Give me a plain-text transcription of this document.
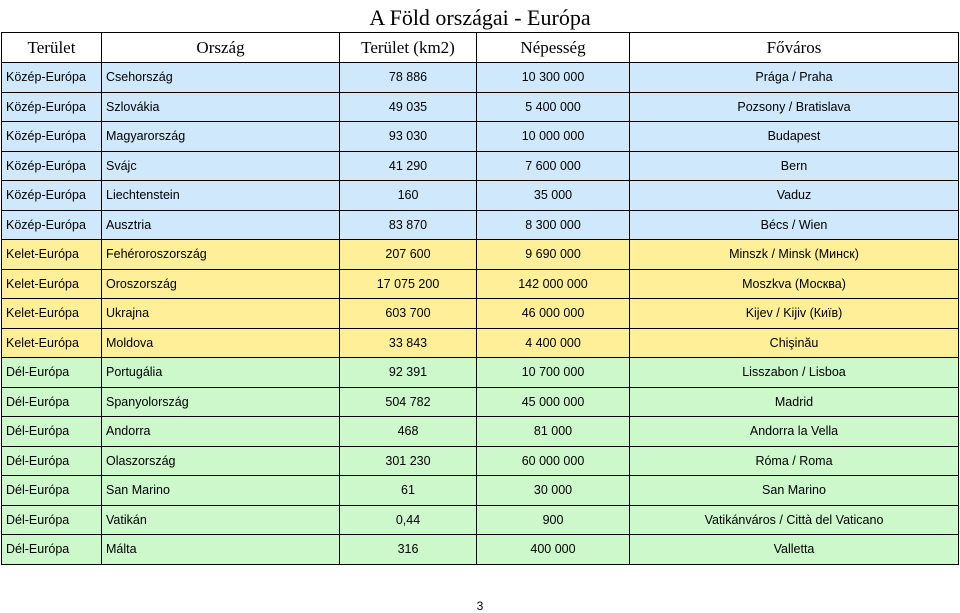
A Föld országai - Európa
Terület	Ország	Terület (km2)	Népesség	Főváros
Közép-Európa	Csehország	78 886	10 300 000	Prága / Praha
Közép-Európa	Szlovákia	49 035	5 400 000	Pozsony / Bratislava
Közép-Európa	Magyarország	93 030	10 000 000	Budapest
Közép-Európa	Svájc	41 290	7 600 000	Bern
Közép-Európa	Liechtenstein	160	35 000	Vaduz
Közép-Európa	Ausztria	83 870	8 300 000	Bécs / Wien
Kelet-Európa	Fehéroroszország	207 600	9 690 000	Minszk / Minsk (Минск)
Kelet-Európa	Oroszország	17 075 200	142 000 000	Moszkva (Москва)
Kelet-Európa	Ukrajna	603 700	46 000 000	Kijev / Kijiv (Київ)
Kelet-Európa	Moldova	33 843	4 400 000	Chişinău
Dél-Európa	Portugália	92 391	10 700 000	Lisszabon / Lisboa
Dél-Európa	Spanyolország	504 782	45 000 000	Madrid
Dél-Európa	Andorra	468	81 000	Andorra la Vella
Dél-Európa	Olaszország	301 230	60 000 000	Róma / Roma
Dél-Európa	San Marino	61	30 000	San Marino
Dél-Európa	Vatikán	0,44	900	Vatikánváros / Città del Vaticano
Dél-Európa	Málta	316	400 000	Valletta
3
